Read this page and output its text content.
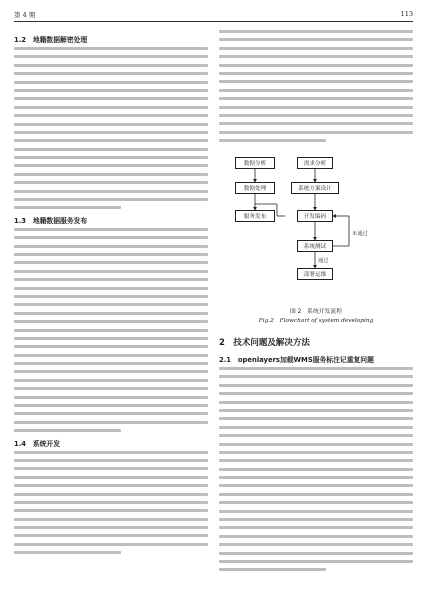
第 4 期	113
1.2　地籍数据解密处理
1.3　地籍数据服务发布
1.4　系统开发
数据分析
数据处理
服务发布
需求分析
系统方案设计
开发编码
系统测试
部署运维
未通过
通过
图 2　系统开发流程
Fig.2　Flowchart of system developing
2　技术问题及解决方法
2.1　openlayers加载WMS服务标注记重复问题
